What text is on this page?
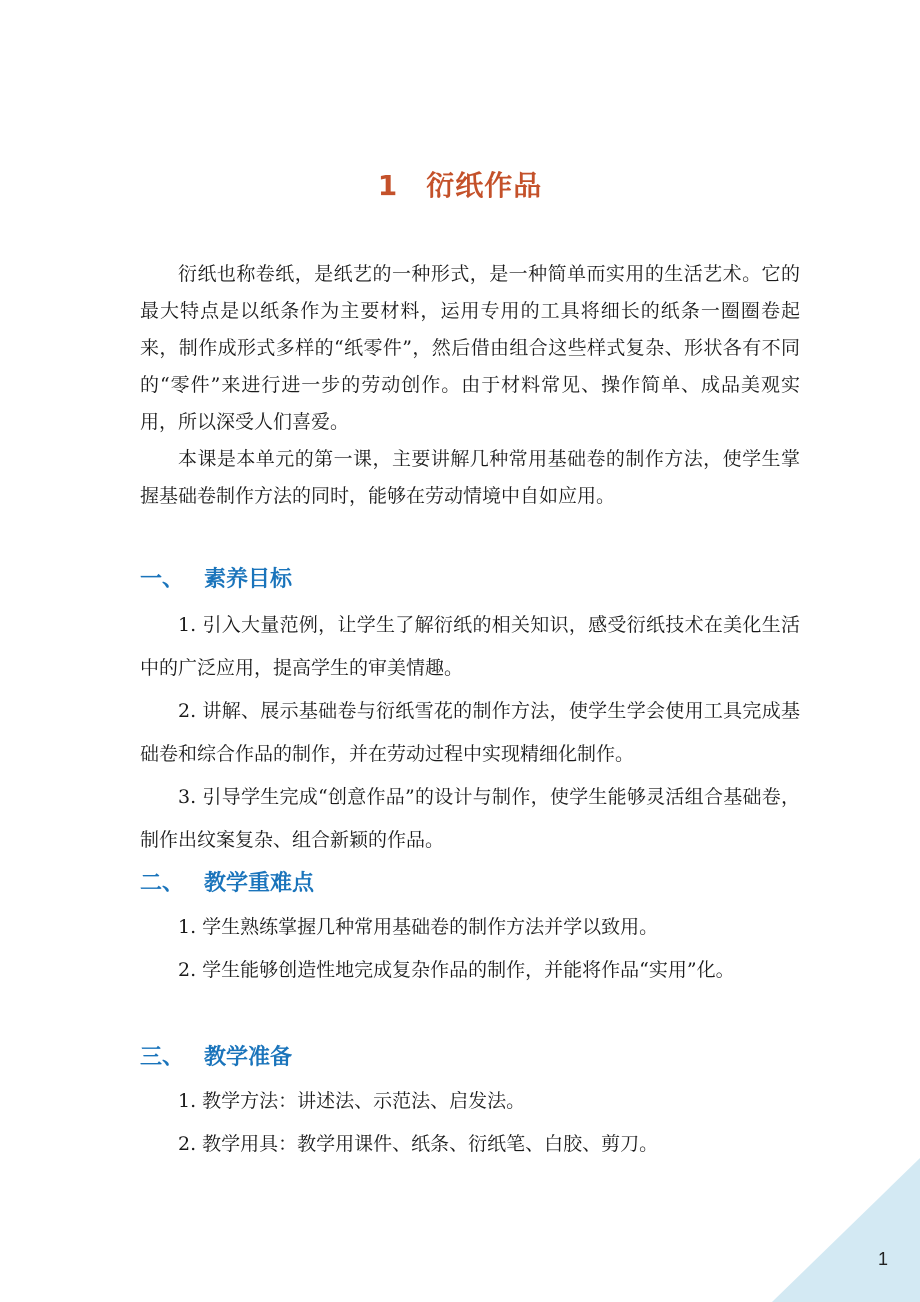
1 衍纸作品

衍纸也称卷纸，是纸艺的一种形式，是一种简单而实用的生活艺术。它的最大特点是以纸条作为主要材料，运用专用的工具将细长的纸条一圈圈卷起来，制作成形式多样的“纸零件”，然后借由组合这些样式复杂、形状各有不同的“零件”来进行进一步的劳动创作。由于材料常见、操作简单、成品美观实用，所以深受人们喜爱。

本课是本单元的第一课，主要讲解几种常用基础卷的制作方法，使学生掌握基础卷制作方法的同时，能够在劳动情境中自如应用。

一、 素养目标

1. 引入大量范例，让学生了解衍纸的相关知识，感受衍纸技术在美化生活中的广泛应用，提高学生的审美情趣。

2. 讲解、展示基础卷与衍纸雪花的制作方法，使学生学会使用工具完成基础卷和综合作品的制作，并在劳动过程中实现精细化制作。

3. 引导学生完成“创意作品”的设计与制作，使学生能够灵活组合基础卷，制作出纹案复杂、组合新颖的作品。

二、 教学重难点

1. 学生熟练掌握几种常用基础卷的制作方法并学以致用。

2. 学生能够创造性地完成复杂作品的制作，并能将作品“实用”化。

三、 教学准备

1. 教学方法：讲述法、示范法、启发法。

2. 教学用具：教学用课件、纸条、衍纸笔、白胶、剪刀。

1
